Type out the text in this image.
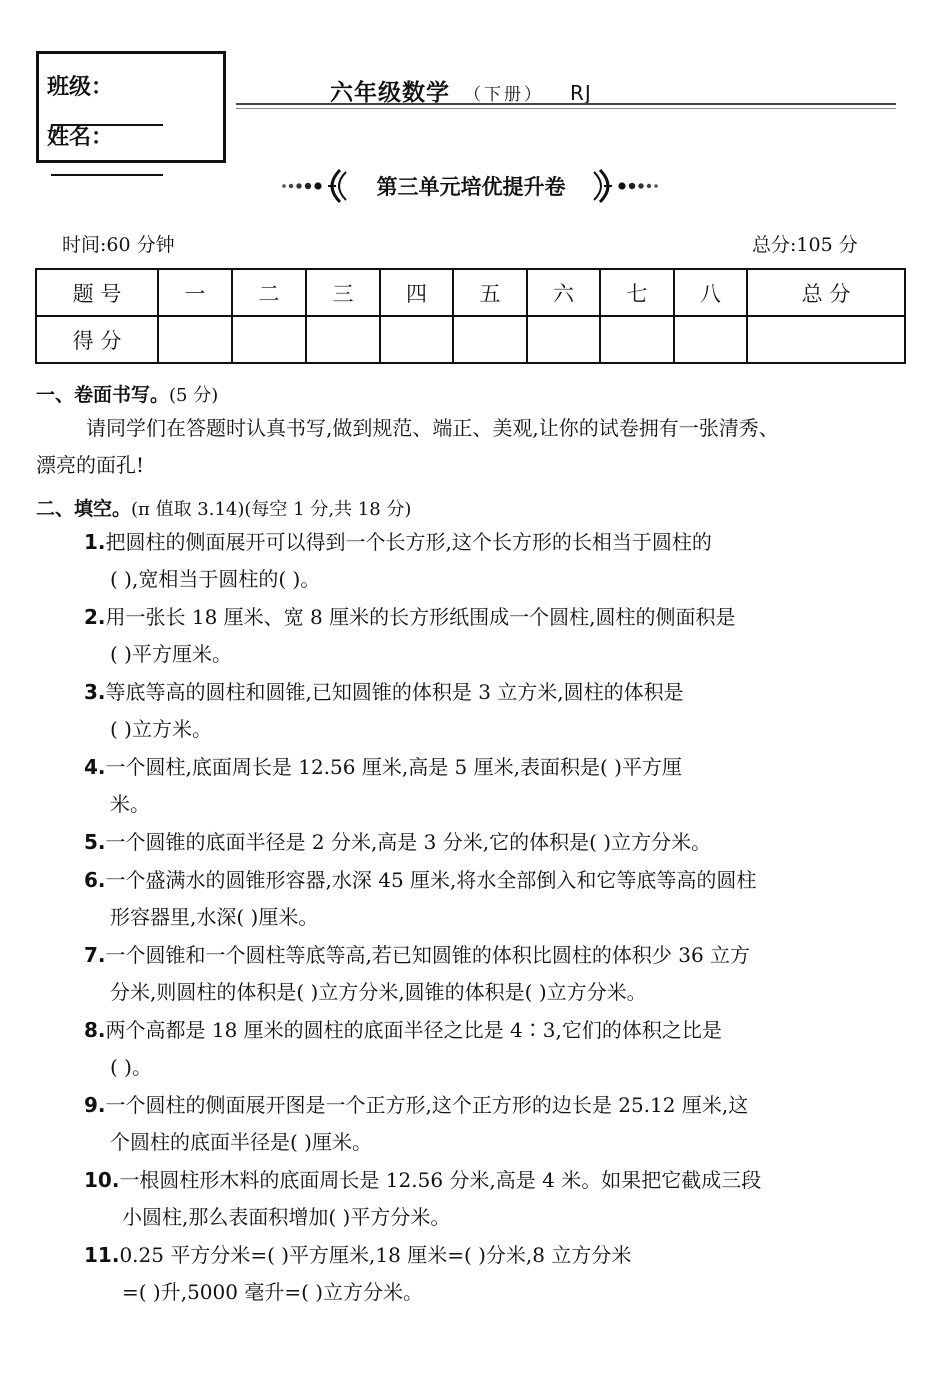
班级：
姓名：
六年级数学 （下册） RJ
第三单元培优提升卷
时间:60 分钟	总分:105 分
题 号	一	二	三	四	五	六	七	八	总 分
得 分									
一、卷面书写。(5 分)
请同学们在答题时认真书写,做到规范、端正、美观,让你的试卷拥有一张清秀、
漂亮的面孔!
二、填空。(π 值取 3.14)(每空 1 分,共 18 分)
1.把圆柱的侧面展开可以得到一个长方形,这个长方形的长相当于圆柱的
( ),宽相当于圆柱的( )。
2.用一张长 18 厘米、宽 8 厘米的长方形纸围成一个圆柱,圆柱的侧面积是
( )平方厘米。
3.等底等高的圆柱和圆锥,已知圆锥的体积是 3 立方米,圆柱的体积是
( )立方米。
4.一个圆柱,底面周长是 12.56 厘米,高是 5 厘米,表面积是( )平方厘
米。
5.一个圆锥的底面半径是 2 分米,高是 3 分米,它的体积是( )立方分米。
6.一个盛满水的圆锥形容器,水深 45 厘米,将水全部倒入和它等底等高的圆柱
形容器里,水深( )厘米。
7.一个圆锥和一个圆柱等底等高,若已知圆锥的体积比圆柱的体积少 36 立方
分米,则圆柱的体积是( )立方分米,圆锥的体积是( )立方分米。
8.两个高都是 18 厘米的圆柱的底面半径之比是 4∶3,它们的体积之比是
( )。
9.一个圆柱的侧面展开图是一个正方形,这个正方形的边长是 25.12 厘米,这
个圆柱的底面半径是( )厘米。
10.一根圆柱形木料的底面周长是 12.56 分米,高是 4 米。如果把它截成三段
小圆柱,那么表面积增加( )平方分米。
11.0.25 平方分米=( )平方厘米,18 厘米=( )分米,8 立方分米
=( )升,5000 毫升=( )立方分米。
